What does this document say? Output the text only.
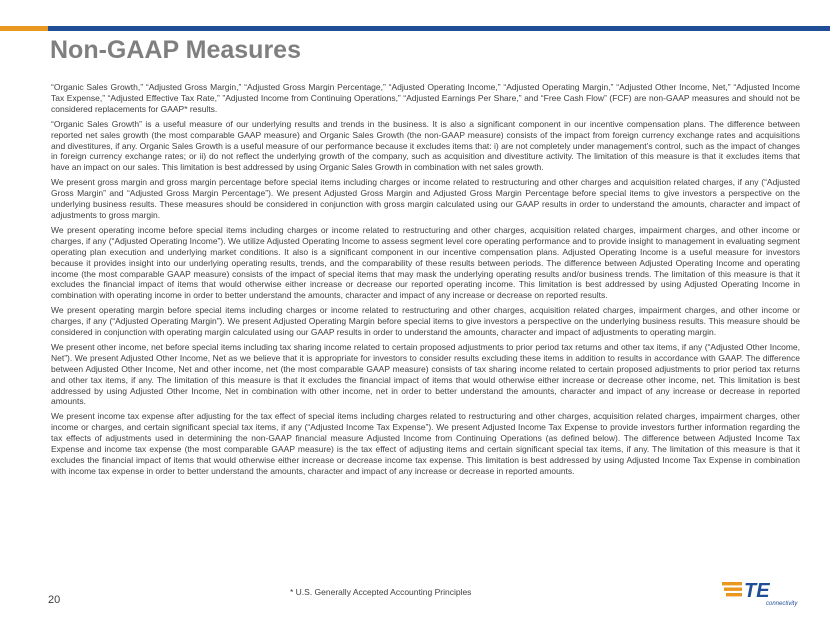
Non-GAAP Measures

“Organic Sales Growth,” “Adjusted Gross Margin,” “Adjusted Gross Margin Percentage,” “Adjusted Operating Income,” “Adjusted Operating Margin,” “Adjusted Other Income, Net,” “Adjusted Income Tax Expense,” “Adjusted Effective Tax Rate,” ”Adjusted Income from Continuing Operations,” “Adjusted Earnings Per Share,” and “Free Cash Flow” (FCF) are non-GAAP measures and should not be considered replacements for GAAP* results.

“Organic Sales Growth” is a useful measure of our underlying results and trends in the business. It is also a significant component in our incentive compensation plans. The difference between reported net sales growth (the most comparable GAAP measure) and Organic Sales Growth (the non-GAAP measure) consists of the impact from foreign currency exchange rates and acquisitions and divestitures, if any. Organic Sales Growth is a useful measure of our performance because it excludes items that: i) are not completely under management’s control, such as the impact of changes in foreign currency exchange rates; or ii) do not reflect the underlying growth of the company, such as acquisition and divestiture activity. The limitation of this measure is that it excludes items that have an impact on our sales. This limitation is best addressed by using Organic Sales Growth in combination with net sales growth.

We present gross margin and gross margin percentage before special items including charges or income related to restructuring and other charges and acquisition related charges, if any (“Adjusted Gross Margin” and “Adjusted Gross Margin Percentage”). We present Adjusted Gross Margin and Adjusted Gross Margin Percentage before special items to give investors a perspective on the underlying business results. These measures should be considered in conjunction with gross margin calculated using our GAAP results in order to understand the amounts, character and impact of adjustments to gross margin.

We present operating income before special items including charges or income related to restructuring and other charges, acquisition related charges, impairment charges, and other income or charges, if any (“Adjusted Operating Income”). We utilize Adjusted Operating Income to assess segment level core operating performance and to provide insight to management in evaluating segment operating plan execution and underlying market conditions. It also is a significant component in our incentive compensation plans. Adjusted Operating Income is a useful measure for investors because it provides insight into our underlying operating results, trends, and the comparability of these results between periods. The difference between Adjusted Operating Income and operating income (the most comparable GAAP measure) consists of the impact of special items that may mask the underlying operating results and/or business trends. The limitation of this measure is that it excludes the financial impact of items that would otherwise either increase or decrease our reported operating income. This limitation is best addressed by using Adjusted Operating Income in combination with operating income in order to better understand the amounts, character and impact of any increase or decrease on reported results.

We present operating margin before special items including charges or income related to restructuring and other charges, acquisition related charges, impairment charges, and other income or charges, if any (“Adjusted Operating Margin”). We present Adjusted Operating Margin before special items to give investors a perspective on the underlying business results. This measure should be considered in conjunction with operating margin calculated using our GAAP results in order to understand the amounts, character and impact of adjustments to operating margin.

We present other income, net before special items including tax sharing income related to certain proposed adjustments to prior period tax returns and other tax items, if any (“Adjusted Other Income, Net”). We present Adjusted Other Income, Net as we believe that it is appropriate for investors to consider results excluding these items in addition to results in accordance with GAAP. The difference between Adjusted Other Income, Net and other income, net (the most comparable GAAP measure) consists of tax sharing income related to certain proposed adjustments to prior period tax returns and other tax items, if any. The limitation of this measure is that it excludes the financial impact of items that would otherwise either increase or decrease other income, net. This limitation is best addressed by using Adjusted Other Income, Net in combination with other income, net in order to better understand the amounts, character and impact of any increase or decrease in reported amounts.

We present income tax expense after adjusting for the tax effect of special items including charges related to restructuring and other charges, acquisition related charges, impairment charges, other income or charges, and certain significant special tax items, if any (“Adjusted Income Tax Expense”). We present Adjusted Income Tax Expense to provide investors further information regarding the tax effects of adjustments used in determining the non-GAAP financial measure Adjusted Income from Continuing Operations (as defined below). The difference between Adjusted Income Tax Expense and income tax expense (the most comparable GAAP measure) is the tax effect of adjusting items and certain significant special tax items, if any. The limitation of this measure is that it excludes the financial impact of items that would otherwise either increase or decrease income tax expense. This limitation is best addressed by using Adjusted Income Tax Expense in combination with income tax expense in order to better understand the amounts, character and impact of any increase or decrease in reported amounts.

* U.S. Generally Accepted Accounting Principles
20	TE
connectivity
